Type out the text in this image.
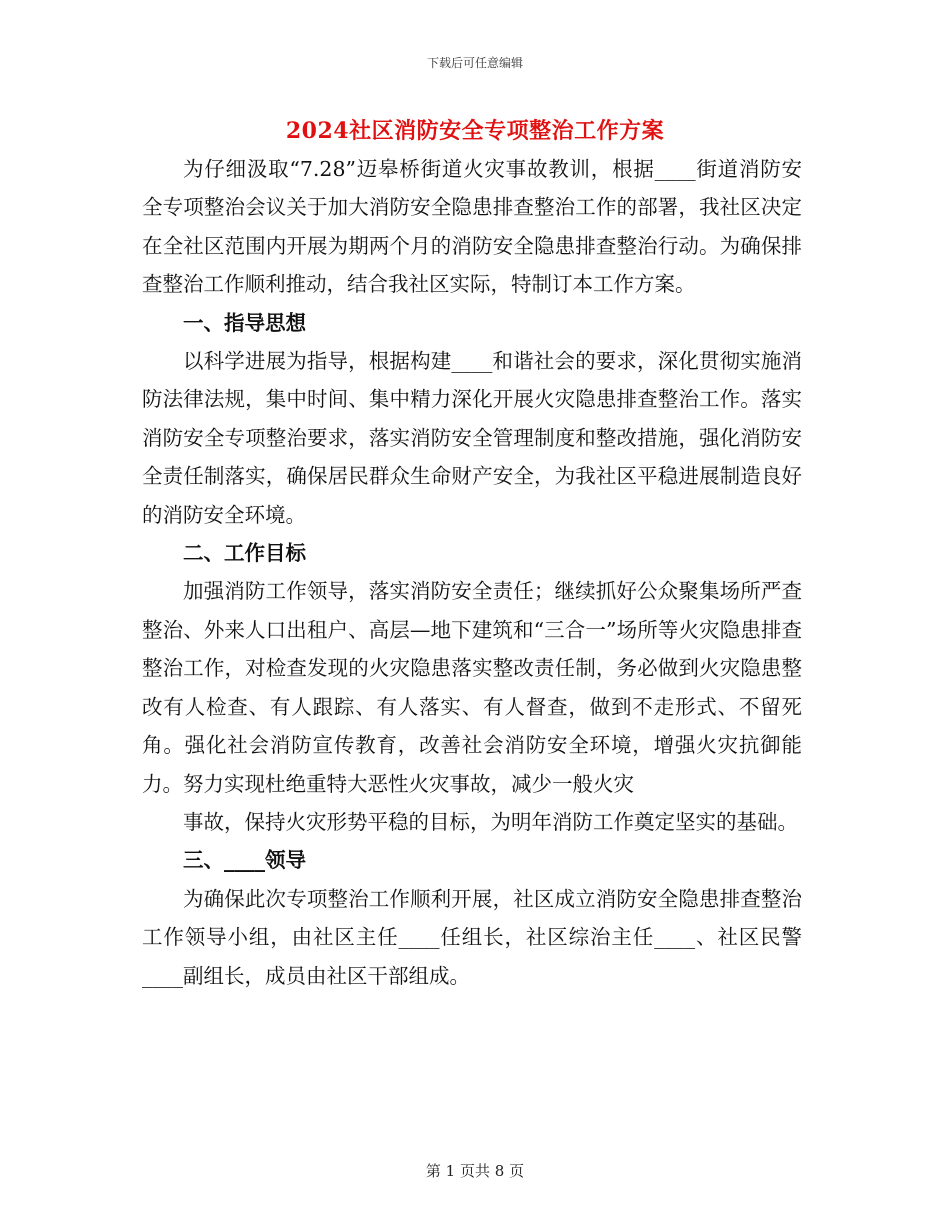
下载后可任意编辑
2024社区消防安全专项整治工作方案

为仔细汲取“7.28”迈皋桥街道火灾事故教训，根据____街道消防安全专项整治会议关于加大消防安全隐患排查整治工作的部署，我社区决定在全社区范围内开展为期两个月的消防安全隐患排查整治行动。为确保排查整治工作顺利推动，结合我社区实际，特制订本工作方案。

一、指导思想

以科学进展为指导，根据构建____和谐社会的要求，深化贯彻实施消防法律法规，集中时间、集中精力深化开展火灾隐患排查整治工作。落实消防安全专项整治要求，落实消防安全管理制度和整改措施，强化消防安全责任制落实，确保居民群众生命财产安全，为我社区平稳进展制造良好的消防安全环境。

二、工作目标

加强消防工作领导，落实消防安全责任；继续抓好公众聚集场所严查整治、外来人口出租户、高层—地下建筑和“三合一”场所等火灾隐患排查整治工作，对检查发现的火灾隐患落实整改责任制，务必做到火灾隐患整改有人检查、有人跟踪、有人落实、有人督查，做到不走形式、不留死角。强化社会消防宣传教育，改善社会消防安全环境，增强火灾抗御能力。努力实现杜绝重特大恶性火灾事故，减少一般火灾

事故，保持火灾形势平稳的目标，为明年消防工作奠定坚实的基础。

三、____领导

为确保此次专项整治工作顺利开展，社区成立消防安全隐患排查整治工作领导小组，由社区主任____任组长，社区综治主任____、社区民警____副组长，成员由社区干部组成。

第 1 页共 8 页
